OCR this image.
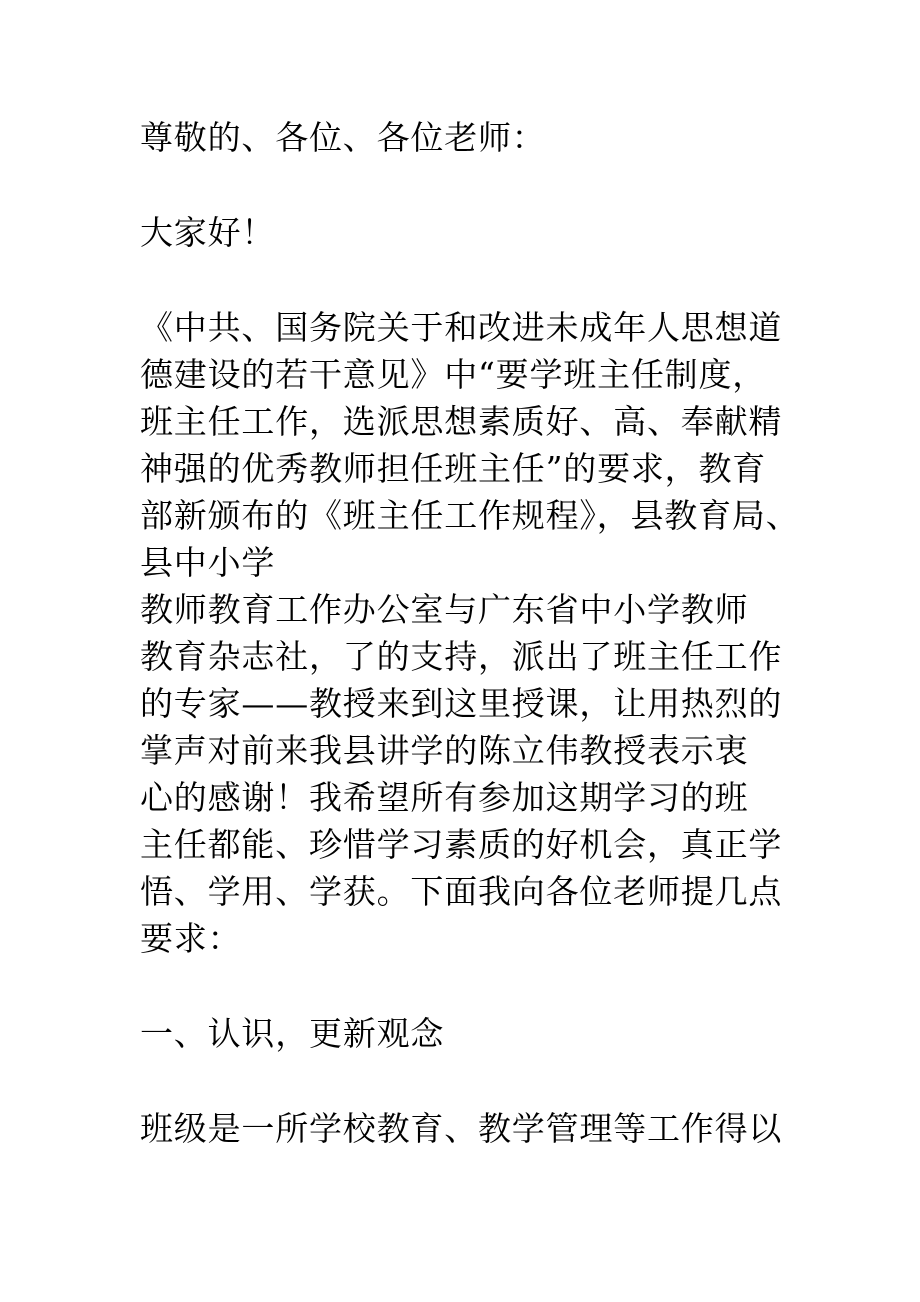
尊敬的、各位、各位老师：

大家好！

《中共、国务院关于和改进未成年人思想道
德建设的若干意见》中“要学班主任制度，
班主任工作，选派思想素质好、高、奉献精
神强的优秀教师担任班主任”的要求，教育
部新颁布的《班主任工作规程》，县教育局、
县中小学

教师教育工作办公室与广东省中小学教师
教育杂志社，了的支持，派出了班主任工作
的专家——教授来到这里授课，让用热烈的
掌声对前来我县讲学的陈立伟教授表示衷
心的感谢！我希望所有参加这期学习的班
主任都能、珍惜学习素质的好机会，真正学
悟、学用、学获。下面我向各位老师提几点
要求：

一、认识，更新观念

班级是一所学校教育、教学管理等工作得以
